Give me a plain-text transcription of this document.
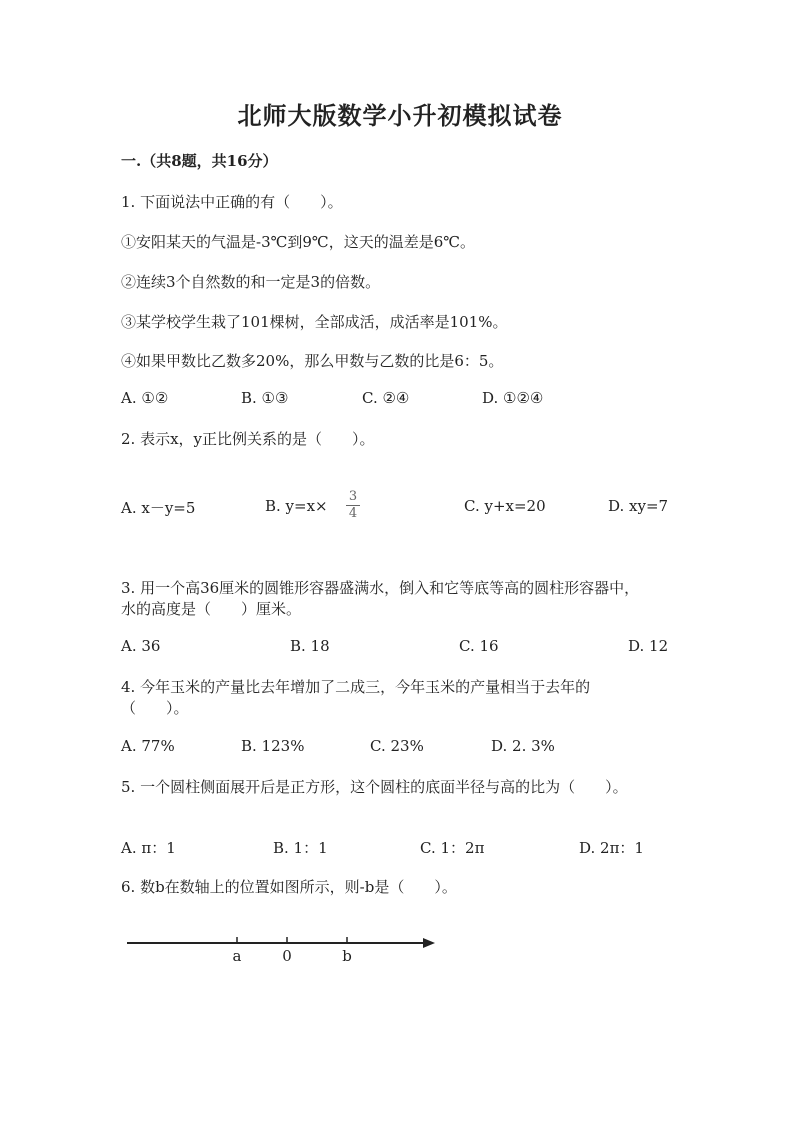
北师大版数学小升初模拟试卷
一.（共8题，共16分）
1. 下面说法中正确的有（　　）。
①安阳某天的气温是-3℃到9℃，这天的温差是6℃。
②连续3个自然数的和一定是3的倍数。
③某学校学生栽了101棵树，全部成活，成活率是101%。
④如果甲数比乙数多20%，那么甲数与乙数的比是6：5。
A. ①②	B. ①③	C. ②④	D. ①②④
2. 表示x，y正比例关系的是（　　）。
A. x－y=5	B. y=x×
3
4	C. y+x=20	D. xy=7
3. 用一个高36厘米的圆锥形容器盛满水，倒入和它等底等高的圆柱形容器中，
水的高度是（　　）厘米。
A. 36	B. 18	C. 16	D. 12
4. 今年玉米的产量比去年增加了二成三，今年玉米的产量相当于去年的
（　　）。
A. 77%	B. 123%	C. 23%	D. 2. 3%
5. 一个圆柱侧面展开后是正方形，这个圆柱的底面半径与高的比为（　　）。
A. π：1	B. 1：1	C. 1：2π	D. 2π：1
6. 数b在数轴上的位置如图所示，则-b是（　　）。
a	0	b
